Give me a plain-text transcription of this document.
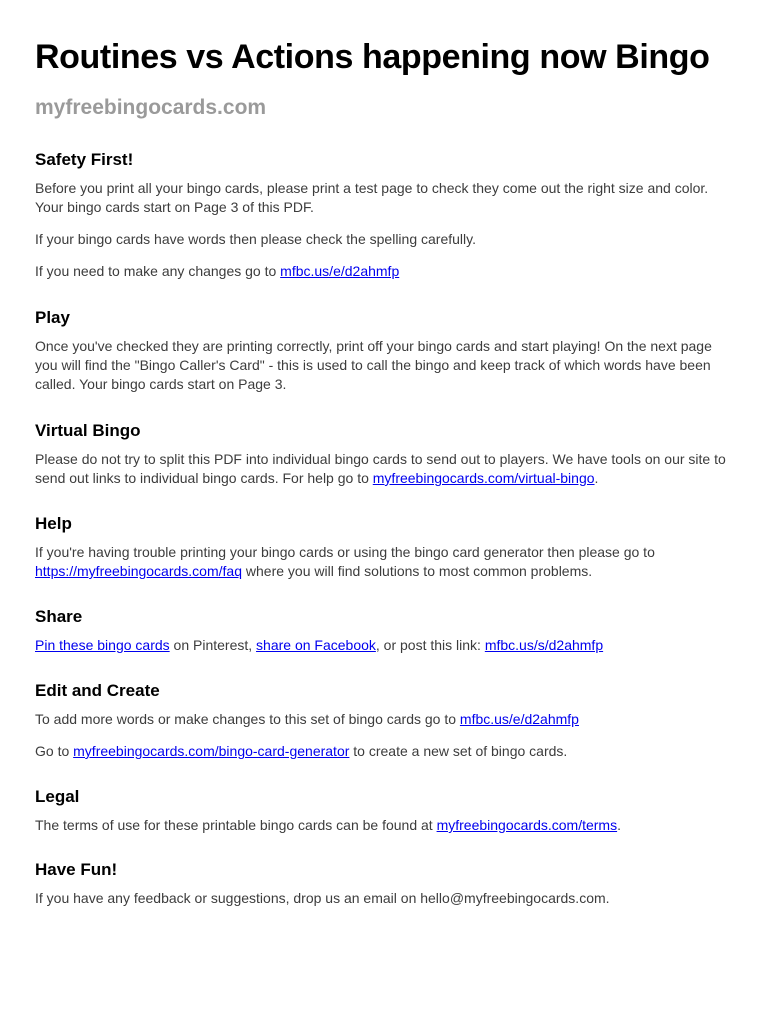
Routines vs Actions happening now Bingo
myfreebingocards.com
Safety First!

Before you print all your bingo cards, please print a test page to check they come out the right size and color. Your bingo cards start on Page 3 of this PDF.

If your bingo cards have words then please check the spelling carefully.

If you need to make any changes go to mfbc.us/e/d2ahmfp

Play

Once you've checked they are printing correctly, print off your bingo cards and start playing! On the next page you will find the "Bingo Caller's Card" - this is used to call the bingo and keep track of which words have been called. Your bingo cards start on Page 3.

Virtual Bingo

Please do not try to split this PDF into individual bingo cards to send out to players. We have tools on our site to send out links to individual bingo cards. For help go to myfreebingocards.com/virtual-bingo.

Help

If you're having trouble printing your bingo cards or using the bingo card generator then please go to https://myfreebingocards.com/faq where you will find solutions to most common problems.

Share

Pin these bingo cards on Pinterest, share on Facebook, or post this link: mfbc.us/s/d2ahmfp

Edit and Create

To add more words or make changes to this set of bingo cards go to mfbc.us/e/d2ahmfp

Go to myfreebingocards.com/bingo-card-generator to create a new set of bingo cards.

Legal

The terms of use for these printable bingo cards can be found at myfreebingocards.com/terms.

Have Fun!

If you have any feedback or suggestions, drop us an email on hello@myfreebingocards.com.
